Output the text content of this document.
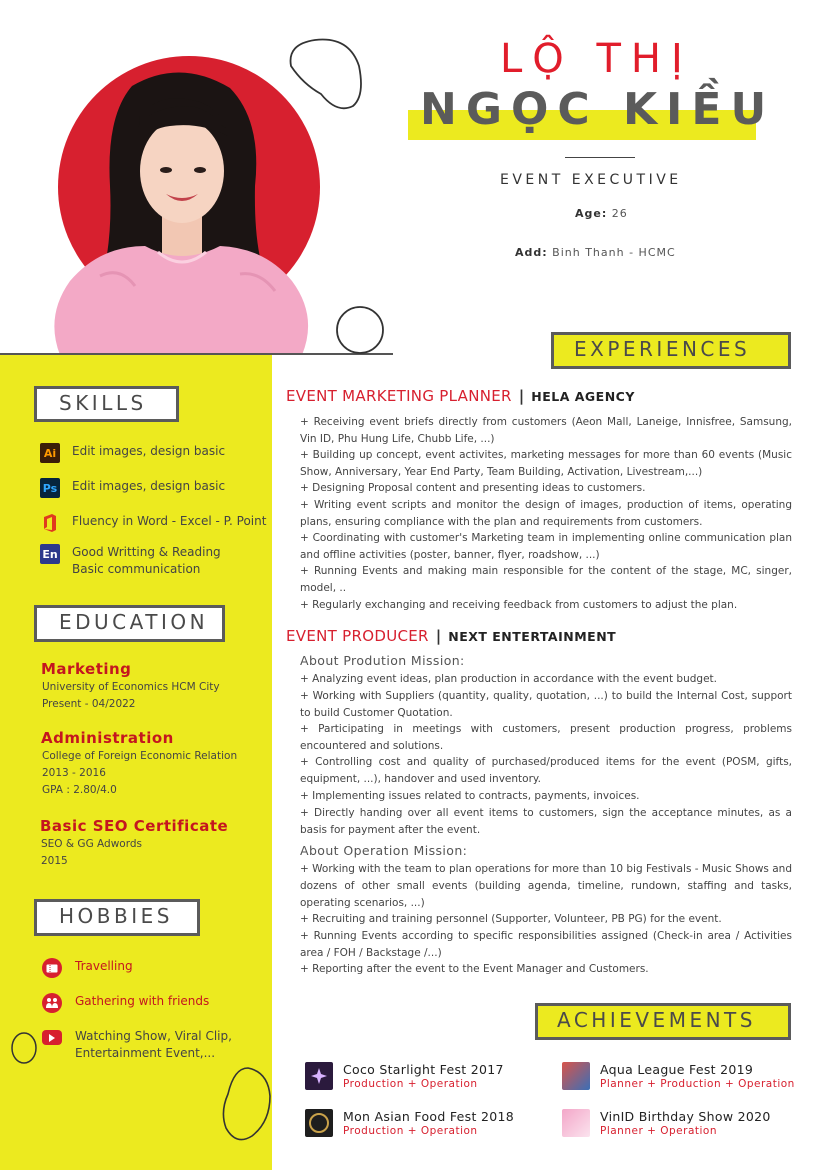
LỘ THỊ
NGỌC KIỀU
EVENT EXECUTIVE
Age: 26
Add: Binh Thanh - HCMC
SKILLS
Ai	Edit images, design basic
Ps Edit images, design basic
Fluency in Word - Excel - P. Point
En Good Writting & Reading
Basic communication
EDUCATION
Marketing
University of Economics HCM City
Present - 04/2022
Administration
College of Foreign Economic Relation
2013 - 2016
GPA : 2.80/4.0
Basic SEO Certificate
SEO & GG Adwords
2015
HOBBIES
Travelling
Gathering with friends
Watching Show, Viral Clip,
Entertainment Event,...
EXPERIENCES
EVENT MARKETING PLANNER | HELA AGENCY
+ Receiving event briefs directly from customers (Aeon Mall, Laneige, Innisfree, Samsung, Vin ID, Phu Hung Life, Chubb Life, ...)
+ Building up concept, event activites, marketing messages for more than 60 events (Music Show, Anniversary, Year End Party, Team Building, Activation, Livestream,...)
+ Designing Proposal content and presenting ideas to customers.
+ Writing event scripts and monitor the design of images, production of items, operating plans, ensuring compliance with the plan and requirements from customers.
+ Coordinating with customer's Marketing team in implementing online communication plan and offline activities (poster, banner, flyer, roadshow, ...)
+ Running Events and making main responsible for the content of the stage, MC, singer, model, ..
+ Regularly exchanging and receiving feedback from customers to adjust the plan.
EVENT PRODUCER | NEXT ENTERTAINMENT
About Prodution Mission:
+ Analyzing event ideas, plan production in accordance with the event budget.
+ Working with Suppliers (quantity, quality, quotation, ...) to build the Internal Cost, support to build Customer Quotation.
+ Participating in meetings with customers, present production progress, problems encountered and solutions.
+ Controlling cost and quality of purchased/produced items for the event (POSM, gifts, equipment, ...), handover and used inventory.
+ Implementing issues related to contracts, payments, invoices.
+ Directly handing over all event items to customers, sign the acceptance minutes, as a basis for payment after the event.
About Operation Mission:
+ Working with the team to plan operations for more than 10 big Festivals - Music Shows and dozens of other small events (building agenda, timeline, rundown, staffing and tasks, operating scenarios, ...)
+ Recruiting and training personnel (Supporter, Volunteer, PB PG) for the event.
+ Running Events according to specific responsibilities assigned (Check-in area / Activities area / FOH / Backstage /...)
+ Reporting after the event to the Event Manager and Customers.
ACHIEVEMENTS
Coco Starlight Fest 2017
Production + Operation
Aqua League Fest 2019
Planner + Production + Operation
Mon Asian Food Fest 2018
Production + Operation
VinID Birthday Show 2020
Planner + Operation
